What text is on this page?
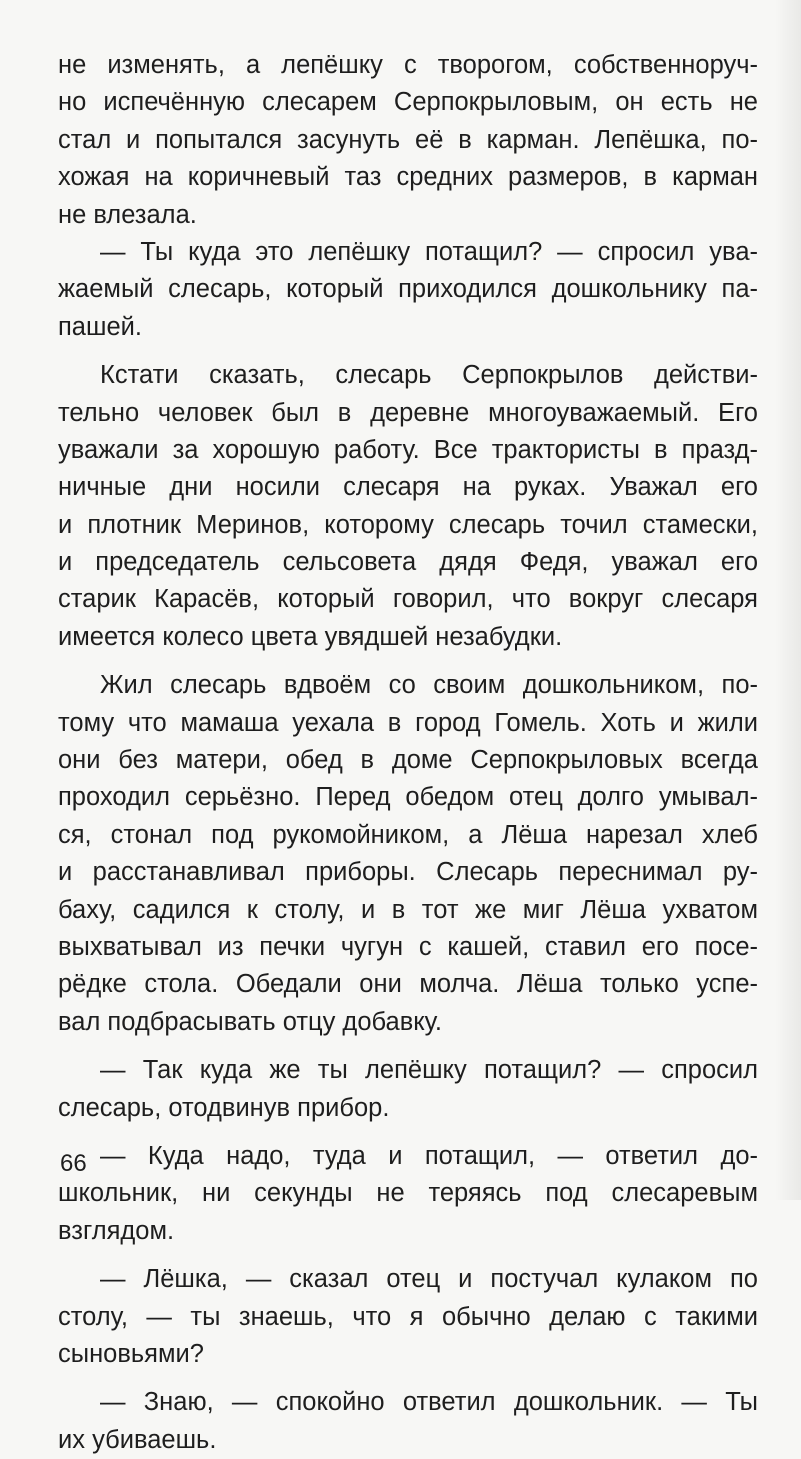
не изменять, а лепёшку с творогом, собственноруч-
но испечённую слесарем Серпокрыловым, он есть не
стал и попытался засунуть её в карман. Лепёшка, по-
хожая на коричневый таз средних размеров, в карман
не влезала.
— Ты куда это лепёшку потащил? — спросил ува-
жаемый слесарь, который приходился дошкольнику па-
пашей.
Кстати сказать, слесарь Серпокрылов действи-
тельно человек был в деревне многоуважаемый. Его
уважали за хорошую работу. Все трактористы в празд-
ничные дни носили слесаря на руках. Уважал его
и плотник Меринов, которому слесарь точил стамески,
и председатель сельсовета дядя Федя, уважал его
старик Карасёв, который говорил, что вокруг слесаря
имеется колесо цвета увядшей незабудки.
Жил слесарь вдвоём со своим дошкольником, по-
тому что мамаша уехала в город Гомель. Хоть и жили
они без матери, обед в доме Серпокрыловых всегда
проходил серьёзно. Перед обедом отец долго умывал-
ся, стонал под рукомойником, а Лёша нарезал хлеб
и расстанавливал приборы. Слесарь переснимал ру-
баху, садился к столу, и в тот же миг Лёша ухватом
выхватывал из печки чугун с кашей, ставил его посе-
рёдке стола. Обедали они молча. Лёша только успе-
вал подбрасывать отцу добавку.
— Так куда же ты лепёшку потащил? — спросил
слесарь, отодвинув прибор.
— Куда надо, туда и потащил, — ответил до-
школьник, ни секунды не теряясь под слесаревым
взглядом.
— Лёшка, — сказал отец и постучал кулаком по
столу, — ты знаешь, что я обычно делаю с такими
сыновьями?
— Знаю, — спокойно ответил дошкольник. — Ты
их убиваешь.
66
